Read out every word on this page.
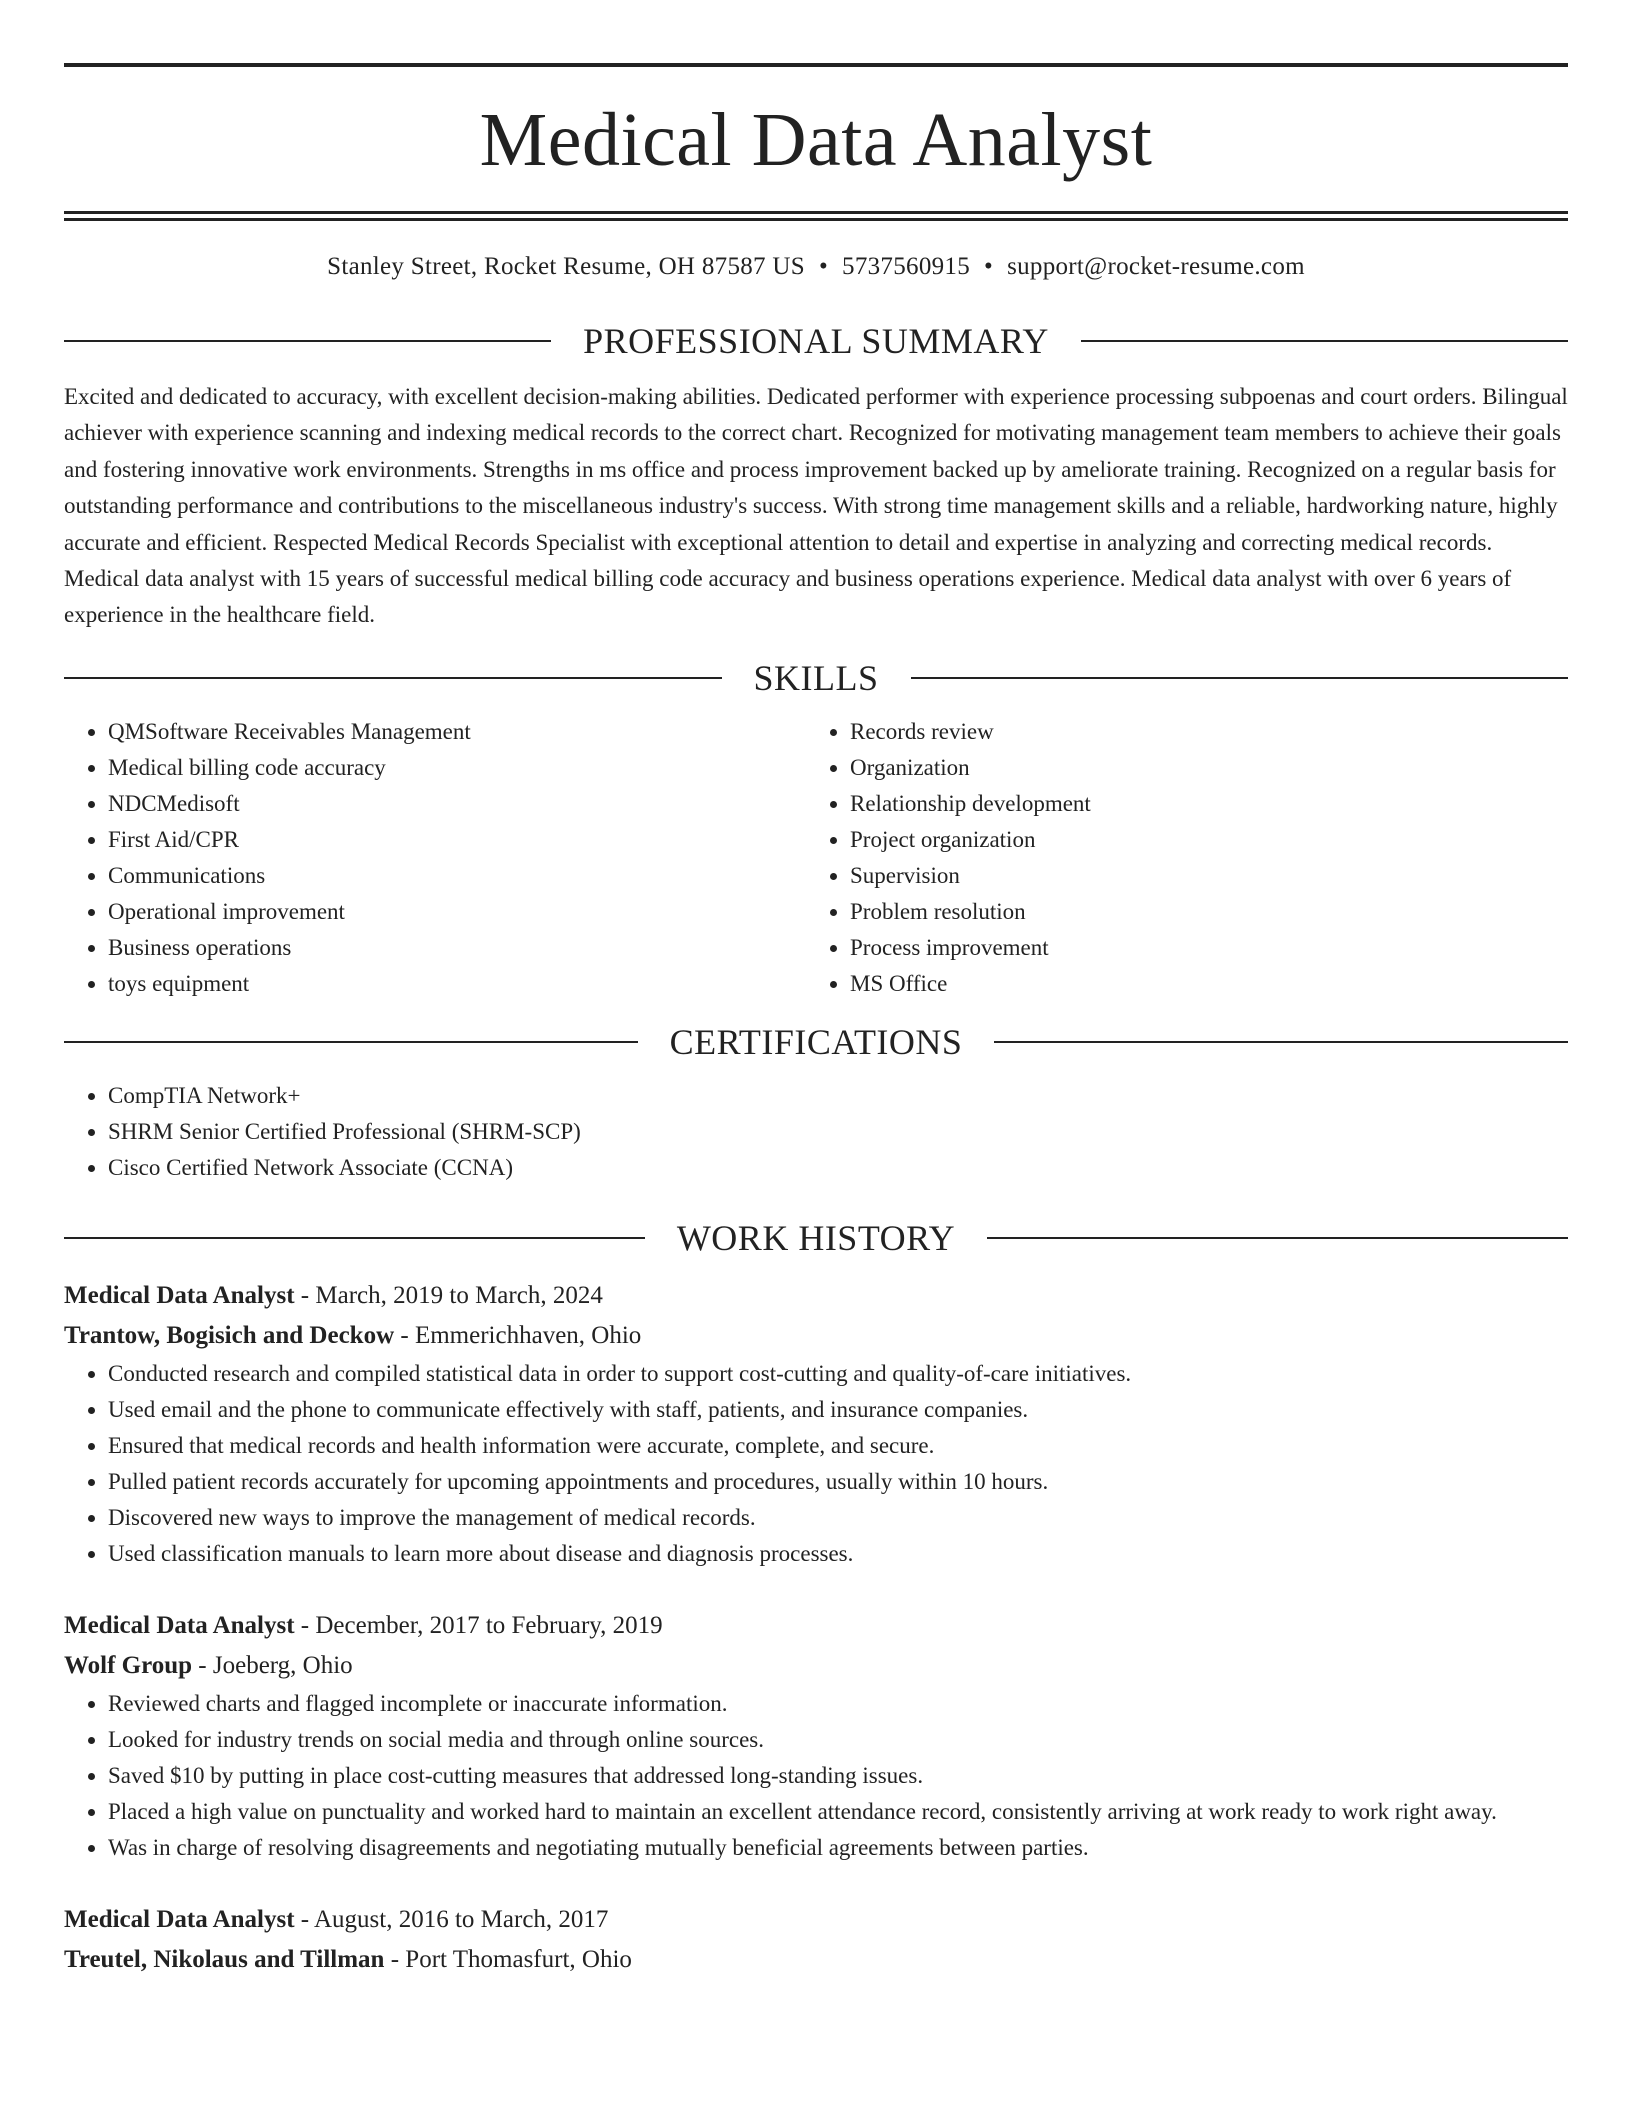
Medical Data Analyst
Stanley Street, Rocket Resume, OH 87587 US • 5737560915 • support@rocket-resume.com
PROFESSIONAL SUMMARY

Excited and dedicated to accuracy, with excellent decision-making abilities. Dedicated performer with experience processing subpoenas and court orders. Bilingual achiever with experience scanning and indexing medical records to the correct chart. Recognized for motivating management team members to achieve their goals and fostering innovative work environments. Strengths in ms office and process improvement backed up by ameliorate training. Recognized on a regular basis for outstanding performance and contributions to the miscellaneous industry's success. With strong time management skills and a reliable, hardworking nature, highly accurate and efficient. Respected Medical Records Specialist with exceptional attention to detail and expertise in analyzing and correcting medical records. Medical data analyst with 15 years of successful medical billing code accuracy and business operations experience. Medical data analyst with over 6 years of experience in the healthcare field.

SKILLS
• QMSoftware Receivables Management
• Medical billing code accuracy
• NDCMedisoft
• First Aid/CPR
• Communications
• Operational improvement
• Business operations
• toys equipment
• Records review
• Organization
• Relationship development
• Project organization
• Supervision
• Problem resolution
• Process improvement
• MS Office
CERTIFICATIONS
• CompTIA Network+
• SHRM Senior Certified Professional (SHRM-SCP)
• Cisco Certified Network Associate (CCNA)
WORK HISTORY
Medical Data Analyst - March, 2019 to March, 2024
Trantow, Bogisich and Deckow - Emmerichhaven, Ohio
• Conducted research and compiled statistical data in order to support cost-cutting and quality-of-care initiatives.
• Used email and the phone to communicate effectively with staff, patients, and insurance companies.
• Ensured that medical records and health information were accurate, complete, and secure.
• Pulled patient records accurately for upcoming appointments and procedures, usually within 10 hours.
• Discovered new ways to improve the management of medical records.
• Used classification manuals to learn more about disease and diagnosis processes.
Medical Data Analyst - December, 2017 to February, 2019
Wolf Group - Joeberg, Ohio
• Reviewed charts and flagged incomplete or inaccurate information.
• Looked for industry trends on social media and through online sources.
• Saved $10 by putting in place cost-cutting measures that addressed long-standing issues.
• Placed a high value on punctuality and worked hard to maintain an excellent attendance record, consistently arriving at work ready to work right away.
• Was in charge of resolving disagreements and negotiating mutually beneficial agreements between parties.
Medical Data Analyst - August, 2016 to March, 2017
Treutel, Nikolaus and Tillman - Port Thomasfurt, Ohio
